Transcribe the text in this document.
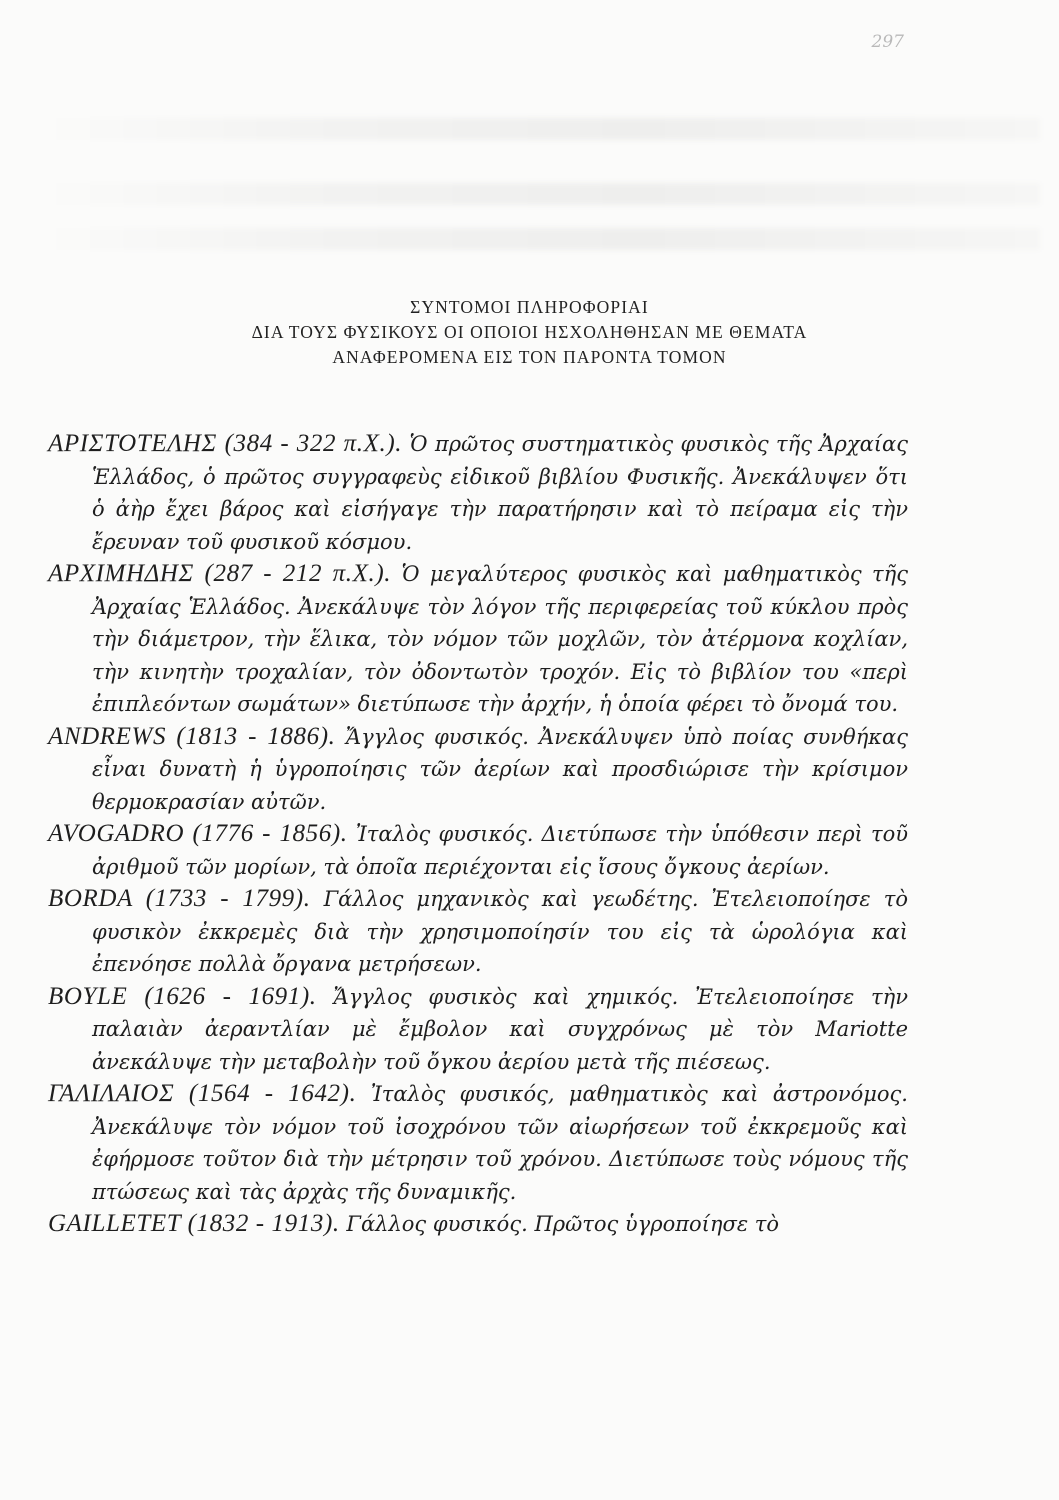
297
ΣΥΝΤΟΜΟΙ ΠΛΗΡΟΦΟΡΙΑΙ
ΔΙΑ ΤΟΥΣ ΦΥΣΙΚΟΥΣ ΟΙ ΟΠΟΙΟΙ ΗΣΧΟΛΗΘΗΣΑΝ ΜΕ ΘΕΜΑΤΑ
ΑΝΑΦΕΡΟΜΕΝΑ ΕΙΣ ΤΟΝ ΠΑΡΟΝΤΑ ΤΟΜΟΝ

ΑΡΙΣΤΟΤΕΛΗΣ (384 - 322 π.Χ.). Ὁ πρῶτος συστηματικὸς φυσικὸς τῆς Ἀρχαίας Ἑλλάδος, ὁ πρῶτος συγγραφεὺς εἰδικοῦ βιβλίου Φυσικῆς. Ἀνεκάλυψεν ὅτι ὁ ἀὴρ ἔχει βάρος καὶ εἰσήγαγε τὴν παρατήρησιν καὶ τὸ πείραμα εἰς τὴν ἔρευναν τοῦ φυσικοῦ κόσμου.

ΑΡΧΙΜΗΔΗΣ (287 - 212 π.Χ.). Ὁ μεγαλύτερος φυσικὸς καὶ μαθηματικὸς τῆς Ἀρχαίας Ἑλλάδος. Ἀνεκάλυψε τὸν λόγον τῆς περιφερείας τοῦ κύκλου πρὸς τὴν διάμετρον, τὴν ἕλικα, τὸν νόμον τῶν μοχλῶν, τὸν ἀτέρμονα κοχλίαν, τὴν κινητὴν τροχαλίαν, τὸν ὀδοντωτὸν τροχόν. Εἰς τὸ βιβλίον του «περὶ ἐπιπλεόντων σωμάτων» διετύπωσε τὴν ἀρχήν, ἡ ὁποία φέρει τὸ ὄνομά του.

ANDREWS (1813 - 1886). Ἄγγλος φυσικός. Ἀνεκάλυψεν ὑπὸ ποίας συνθήκας εἶναι δυνατὴ ἡ ὑγροποίησις τῶν ἀερίων καὶ προσδιώρισε τὴν κρίσιμον θερμοκρασίαν αὐτῶν.

AVOGADRO (1776 - 1856). Ἰταλὸς φυσικός. Διετύπωσε τὴν ὑπόθεσιν περὶ τοῦ ἀριθμοῦ τῶν μορίων, τὰ ὁποῖα περιέχονται εἰς ἴσους ὄγκους ἀερίων.

BORDA (1733 - 1799). Γάλλος μηχανικὸς καὶ γεωδέτης. Ἐτελειοποίησε τὸ φυσικὸν ἐκκρεμὲς διὰ τὴν χρησιμοποίησίν του εἰς τὰ ὡρολόγια καὶ ἐπενόησε πολλὰ ὄργανα μετρήσεων.

BOYLE (1626 - 1691). Ἄγγλος φυσικὸς καὶ χημικός. Ἐτελειοποίησε τὴν παλαιὰν ἀεραντλίαν μὲ ἔμβολον καὶ συγχρόνως μὲ τὸν Mariotte ἀνεκάλυψε τὴν μεταβολὴν τοῦ ὄγκου ἀερίου μετὰ τῆς πιέσεως.

ΓΑΛΙΛΑΙΟΣ (1564 - 1642). Ἰταλὸς φυσικός, μαθηματικὸς καὶ ἀστρονόμος. Ἀνεκάλυψε τὸν νόμον τοῦ ἰσοχρόνου τῶν αἰωρήσεων τοῦ ἐκκρεμοῦς καὶ ἐφήρμοσε τοῦτον διὰ τὴν μέτρησιν τοῦ χρόνου. Διετύπωσε τοὺς νόμους τῆς πτώσεως καὶ τὰς ἀρχὰς τῆς δυναμικῆς.

GAILLETET (1832 - 1913). Γάλλος φυσικός. Πρῶτος ὑγροποίησε τὸ
